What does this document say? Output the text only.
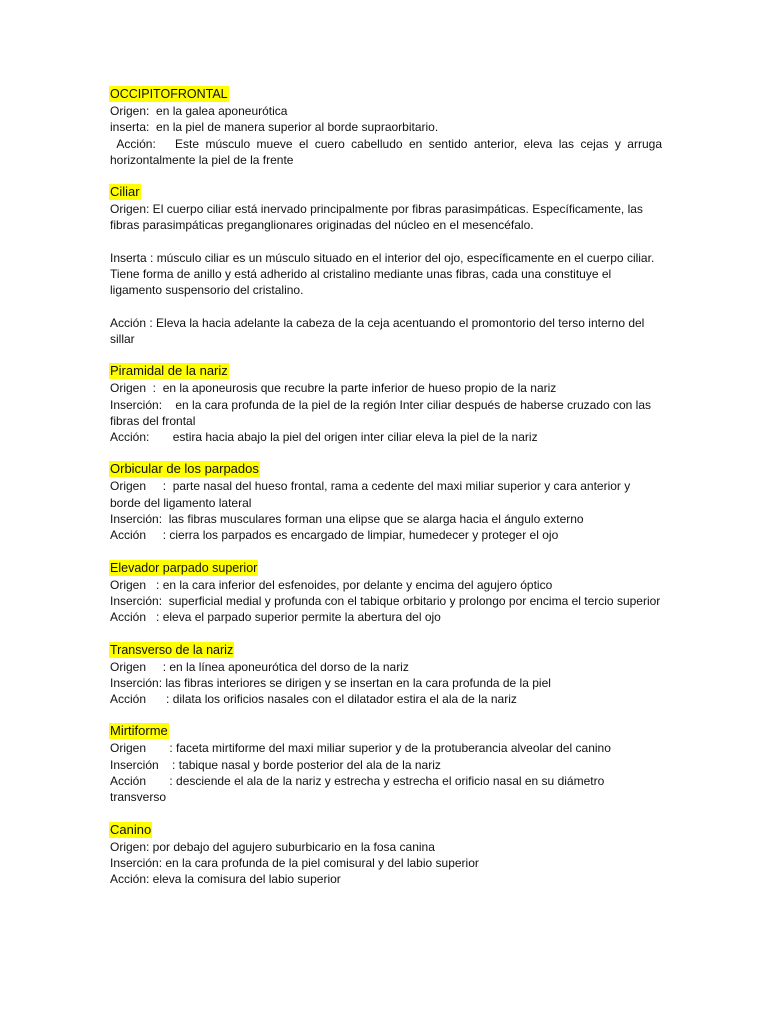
OCCIPITOFRONTAL
Origen:  en la galea aponeurótica
inserta:  en la piel de manera superior al borde supraorbitario.
Acción:   Este músculo mueve el cuero cabelludo en sentido anterior, eleva las cejas y arruga horizontalmente la piel de la frente
Ciliar

Origen: El cuerpo ciliar está inervado principalmente por fibras parasimpáticas. Específicamente, las fibras parasimpáticas preganglionares originadas del núcleo en el mesencéfalo.

Inserta : músculo ciliar es un músculo situado en el interior del ojo, específicamente en el cuerpo ciliar. Tiene forma de anillo y está adherido al cristalino mediante unas fibras, cada una constituye el ligamento suspensorio del cristalino.

Acción : Eleva la hacia adelante la cabeza de la ceja acentuando el promontorio del terso interno del sillar

Piramidal de la nariz
Origen  :  en la aponeurosis que recubre la parte inferior de hueso propio de la nariz
Inserción:    en la cara profunda de la piel de la región Inter ciliar después de haberse cruzado con las fibras del frontal
Acción:       estira hacia abajo la piel del origen inter ciliar eleva la piel de la nariz
Orbicular de los parpados
Origen     :  parte nasal del hueso frontal, rama a cedente del maxi miliar superior y cara anterior y borde del ligamento lateral
Inserción:  las fibras musculares forman una elipse que se alarga hacia el ángulo externo
Acción     : cierra los parpados es encargado de limpiar, humedecer y proteger el ojo
Elevador parpado superior
Origen   : en la cara inferior del esfenoides, por delante y encima del agujero óptico
Inserción:  superficial medial y profunda con el tabique orbitario y prolongo por encima el tercio superior
Acción   : eleva el parpado superior permite la abertura del ojo
Transverso de la nariz
Origen     : en la línea aponeurótica del dorso de la nariz
Inserción: las fibras interiores se dirigen y se insertan en la cara profunda de la piel
Acción      : dilata los orificios nasales con el dilatador estira el ala de la nariz
Mirtiforme
Origen       : faceta mirtiforme del maxi miliar superior y de la protuberancia alveolar del canino
Inserción    : tabique nasal y borde posterior del ala de la nariz
Acción       : desciende el ala de la nariz y estrecha y estrecha el orificio nasal en su diámetro transverso
Canino
Origen: por debajo del agujero suburbicario en la fosa canina
Inserción: en la cara profunda de la piel comisural y del labio superior
Acción: eleva la comisura del labio superior
